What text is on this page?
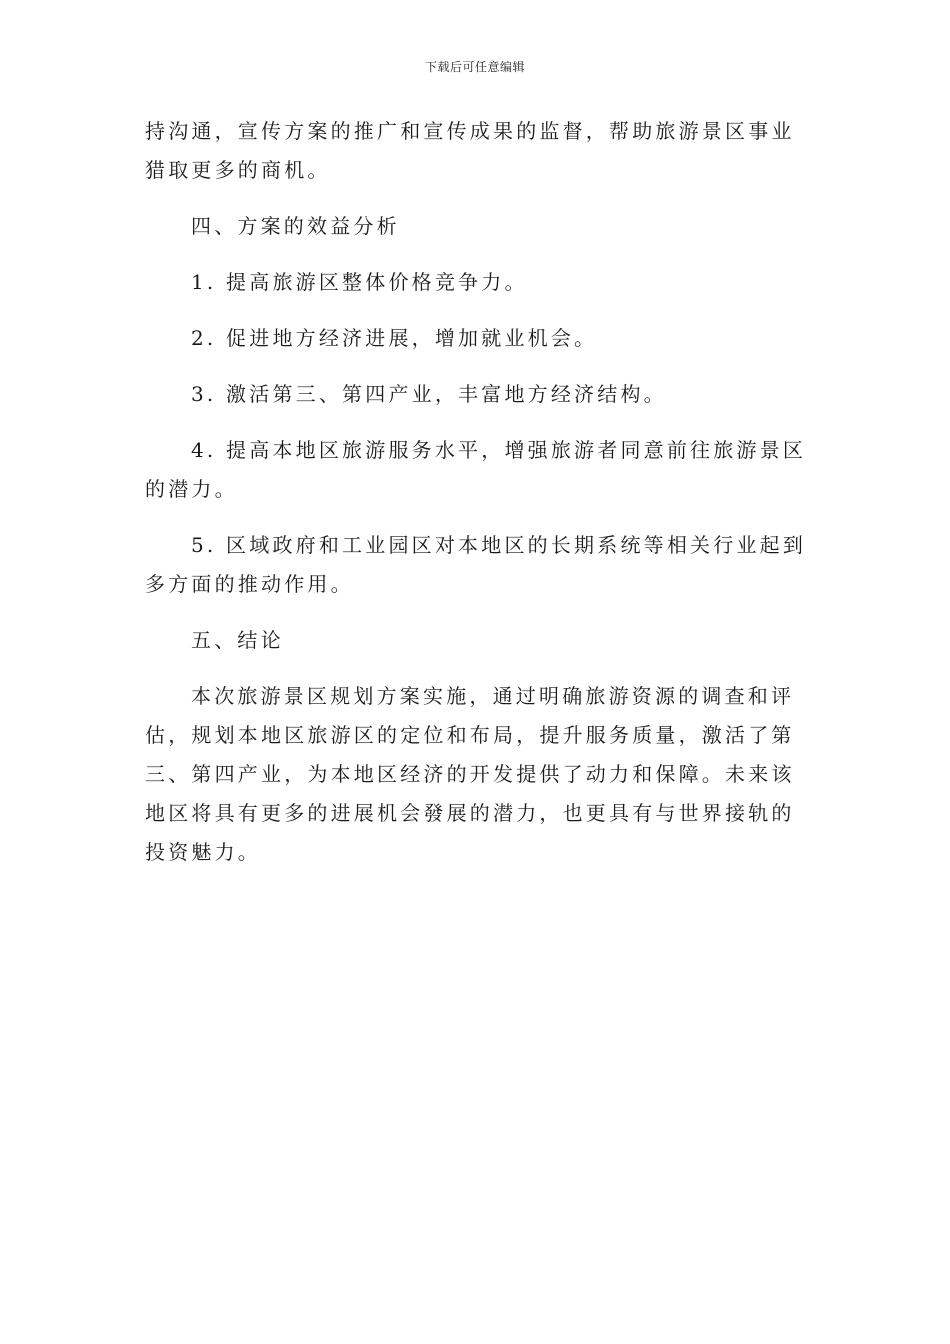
下载后可任意编辑

持沟通，宣传方案的推广和宣传成果的监督，帮助旅游景区事业猎取更多的商机。

四、方案的效益分析

1. 提高旅游区整体价格竞争力。

2. 促进地方经济进展，增加就业机会。

3. 激活第三、第四产业，丰富地方经济结构。

4. 提高本地区旅游服务水平，增强旅游者同意前往旅游景区的潜力。

5. 区域政府和工业园区对本地区的长期系统等相关行业起到多方面的推动作用。

五、结论

本次旅游景区规划方案实施，通过明确旅游资源的调查和评估，规划本地区旅游区的定位和布局，提升服务质量，激活了第三、第四产业，为本地区经济的开发提供了动力和保障。未来该地区将具有更多的进展机会發展的潜力，也更具有与世界接轨的投资魅力。
